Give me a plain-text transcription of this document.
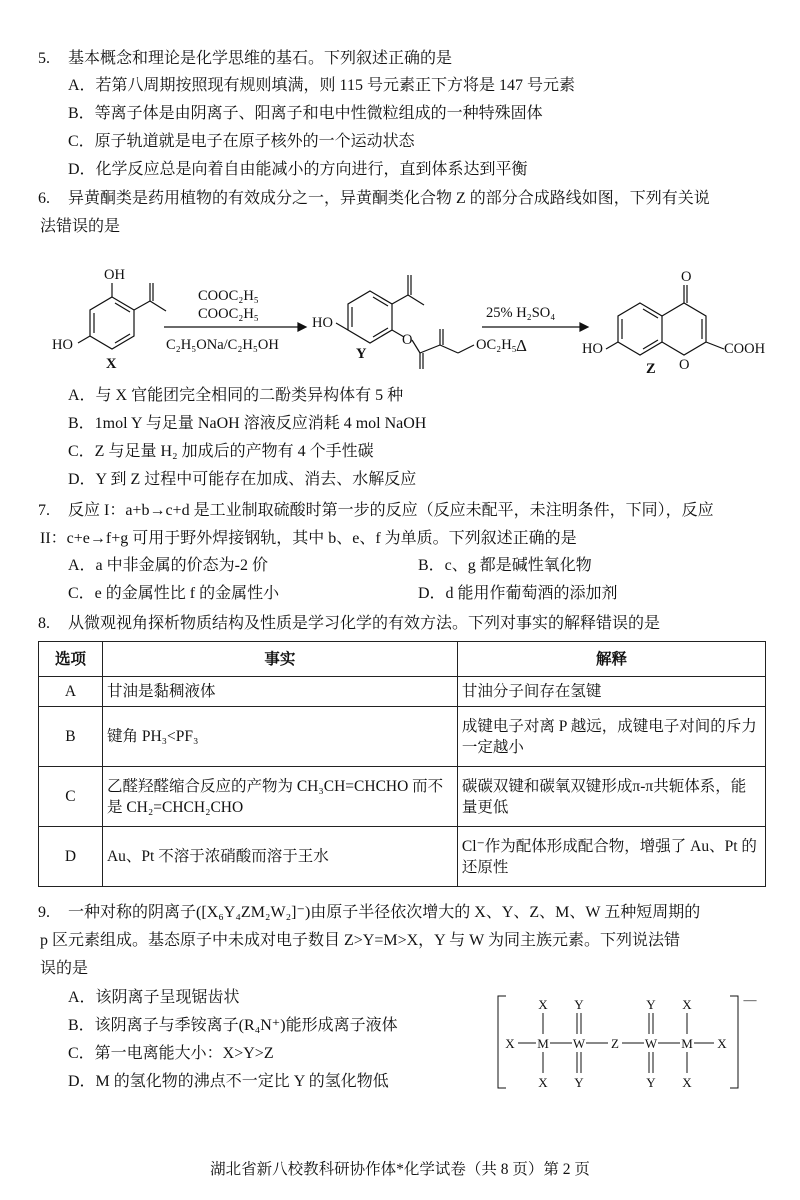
5. 基本概念和理论是化学思维的基石。下列叙述正确的是
A．若第八周期按照现有规则填满，则 115 号元素正下方将是 147 号元素
B．等离子体是由阴离子、阳离子和电中性微粒组成的一种特殊固体
C．原子轨道就是电子在原子核外的一个运动状态
D．化学反应总是向着自由能减小的方向进行，直到体系达到平衡
6. 异黄酮类是药用植物的有效成分之一，异黄酮类化合物 Z 的部分合成路线如图，下列有关说
法错误的是
OH
HO
X
COOC₂H₅
COOC₂H₅
C₂H₅ONa/C₂H₅OH
HO
O	OC₂H₅
Y
25% H₂SO₄
Δ	HO
O
COOH
Z
O
A．与 X 官能团完全相同的二酚类异构体有 5 种
B．1mol Y 与足量 NaOH 溶液反应消耗 4 mol NaOH
C．Z 与足量 H₂ 加成后的产物有 4 个手性碳
D．Y 到 Z 过程中可能存在加成、消去、水解反应
7. 反应 I：a+b→c+d 是工业制取硫酸时第一步的反应（反应未配平，未注明条件，下同），反应
II：c+e→f+g 可用于野外焊接钢轨，其中 b、e、f 为单质。下列叙述正确的是
A．a 中非金属的价态为-2 价	B．c、g 都是碱性氧化物
C．e 的金属性比 f 的金属性小	D．d 能用作葡萄酒的添加剂
8. 从微观视角探析物质结构及性质是学习化学的有效方法。下列对事实的解释错误的是
选项	事实	解释
A	甘油是黏稠液体	甘油分子间存在氢键
B	键角 PH₃<PF₃	成键电子对离 P 越远，成键电子对间的斥力一定越小
C	乙醛羟醛缩合反应的产物为 CH₃CH=CHCHO 而不是 CH₂=CHCH₂CHO	碳碳双键和碳氧双键形成π-π共轭体系，能量更低
D	Au、Pt 不溶于浓硝酸而溶于王水	Cl⁻作为配体形成配合物，增强了 Au、Pt 的还原性
9. 一种对称的阴离子([X₆Y₄ZM₂W₂]⁻)由原子半径依次增大的 X、Y、Z、M、W 五种短周期的
p 区元素组成。基态原子中未成对电子数目 Z>Y=M>X，Y 与 W 为同主族元素。下列说法错
误的是
A．该阴离子呈现锯齿状
B．该阴离子与季铵离子(R₄N⁺)能形成离子液体
C．第一电离能大小：X>Y>Z
D．M 的氢化物的沸点不一定比 Y 的氢化物低
X M
X
X
W
Y
Y
Z W
Y
Y
M
X
X
X
—
湖北省新八校教科研协作体*化学试卷（共 8 页）第 2 页
